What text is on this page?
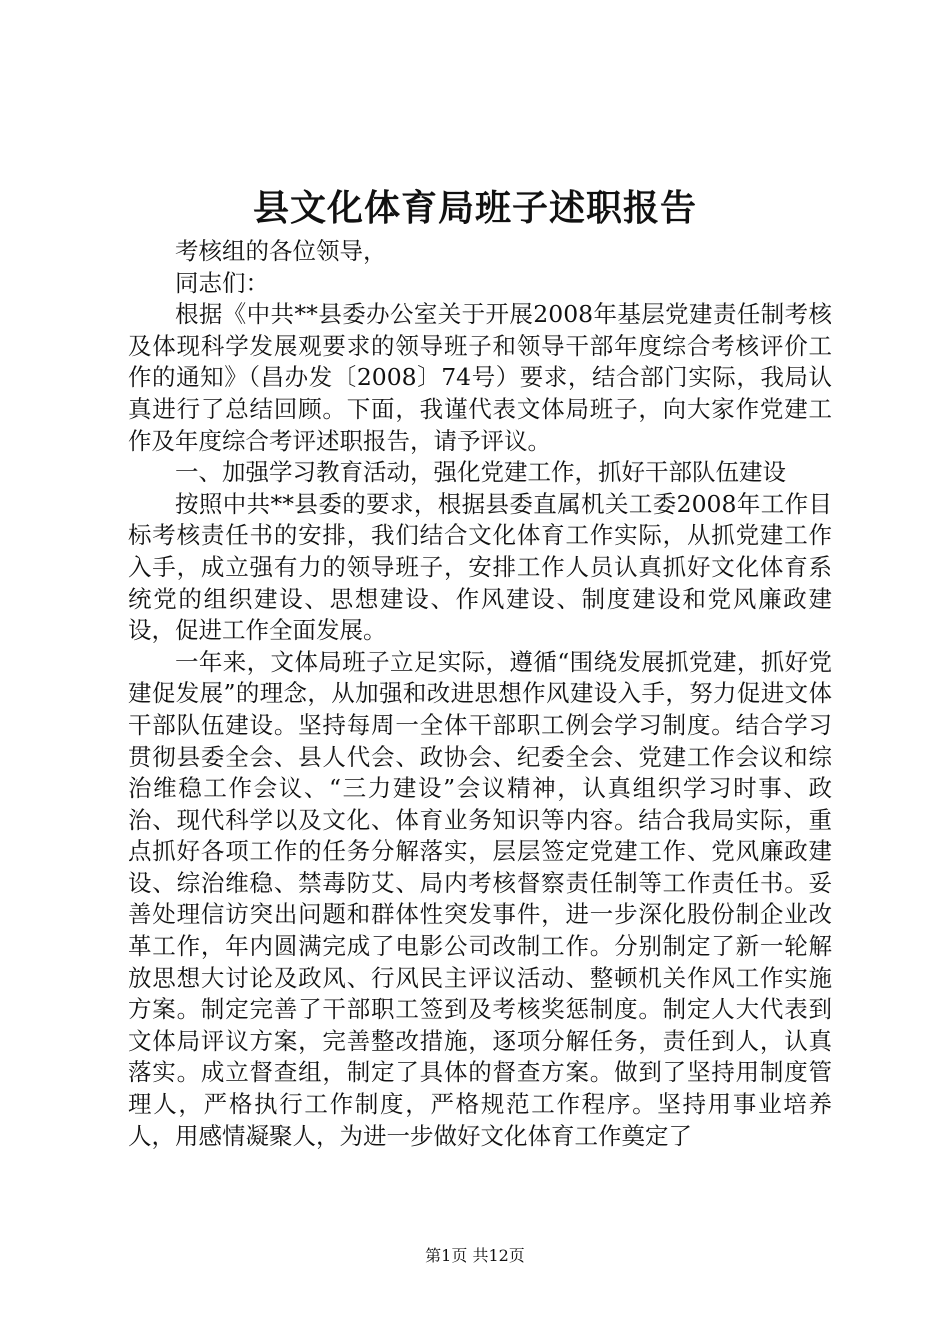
县文化体育局班子述职报告

考核组的各位领导，

同志们：

根据《中共**县委办公室关于开展2008年基层党建责任制考核及体现科学发展观要求的领导班子和领导干部年度综合考核评价工作的通知》（昌办发〔2008〕74号）要求，结合部门实际，我局认真进行了总结回顾。下面，我谨代表文体局班子，向大家作党建工作及年度综合考评述职报告，请予评议。

一、加强学习教育活动，强化党建工作，抓好干部队伍建设

按照中共**县委的要求，根据县委直属机关工委2008年工作目标考核责任书的安排，我们结合文化体育工作实际，从抓党建工作入手，成立强有力的领导班子，安排工作人员认真抓好文化体育系统党的组织建设、思想建设、作风建设、制度建设和党风廉政建设，促进工作全面发展。

一年来，文体局班子立足实际，遵循“围绕发展抓党建，抓好党建促发展”的理念，从加强和改进思想作风建设入手，努力促进文体干部队伍建设。坚持每周一全体干部职工例会学习制度。结合学习贯彻县委全会、县人代会、政协会、纪委全会、党建工作会议和综治维稳工作会议、“三力建设”会议精神，认真组织学习时事、政治、现代科学以及文化、体育业务知识等内容。结合我局实际，重点抓好各项工作的任务分解落实，层层签定党建工作、党风廉政建设、综治维稳、禁毒防艾、局内考核督察责任制等工作责任书。妥善处理信访突出问题和群体性突发事件，进一步深化股份制企业改革工作，年内圆满完成了电影公司改制工作。分别制定了新一轮解放思想大讨论及政风、行风民主评议活动、整顿机关作风工作实施方案。制定完善了干部职工签到及考核奖惩制度。制定人大代表到文体局评议方案，完善整改措施，逐项分解任务，责任到人，认真落实。成立督查组，制定了具体的督查方案。做到了坚持用制度管理人，严格执行工作制度，严格规范工作程序。坚持用事业培养人，用感情凝聚人，为进一步做好文化体育工作奠定了

第1页 共12页
